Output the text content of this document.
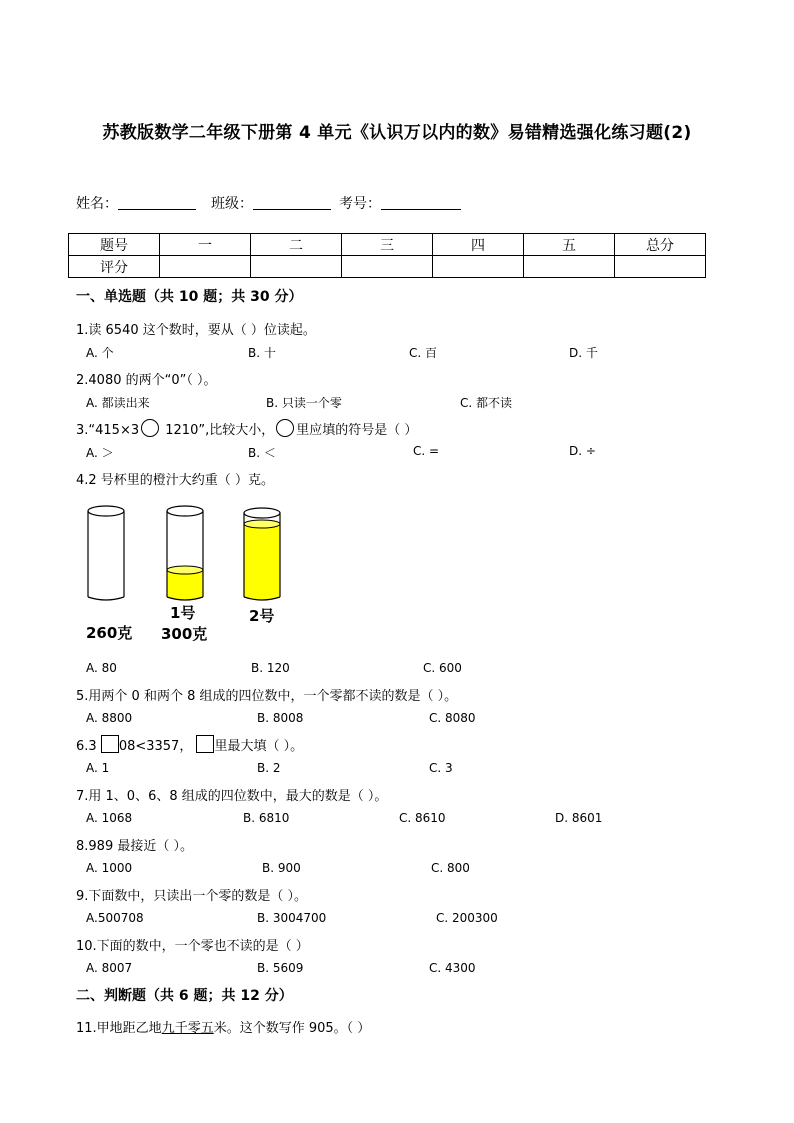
苏教版数学二年级下册第 4 单元《认识万以内的数》易错精选强化练习题(2)
姓名：	班级：	考号：
题号	一	二	三	四	五	总分
评分						
一、单选题（共 10 题；共 30 分）
1.读 6540 这个数时，要从（ ）位读起。
A. 个	B. 十	C. 百	D. 千
2.4080 的两个“0”（ ）。
A. 都读出来	B. 只读一个零	C. 都不读
3.“415×3 1210”,比较大小， 里应填的符号是（ ）
A. ＞	B. ＜	C. =	D. ÷
4.2 号杯里的橙汁大约重（ ）克。
260克
1号
300克
2号
A. 80	B. 120	C. 600
5.用两个 0 和两个 8 组成的四位数中，一个零都不读的数是（ ）。
A. 8800	B. 8008	C. 8080
6.3 08<3357， 里最大填（ ）。
A. 1	B. 2	C. 3
7.用 1、0、6、8 组成的四位数中，最大的数是（ ）。
A. 1068	B. 6810	C. 8610	D. 8601
8.989 最接近（ ）。
A. 1000	B. 900	C. 800
9.下面数中，只读出一个零的数是（ ）。
A.500708	B. 3004700	C. 200300
10.下面的数中，一个零也不读的是（ ）
A. 8007	B. 5609	C. 4300
二、判断题（共 6 题；共 12 分）
11.甲地距乙地九千零五米。这个数写作 905。（ ）
